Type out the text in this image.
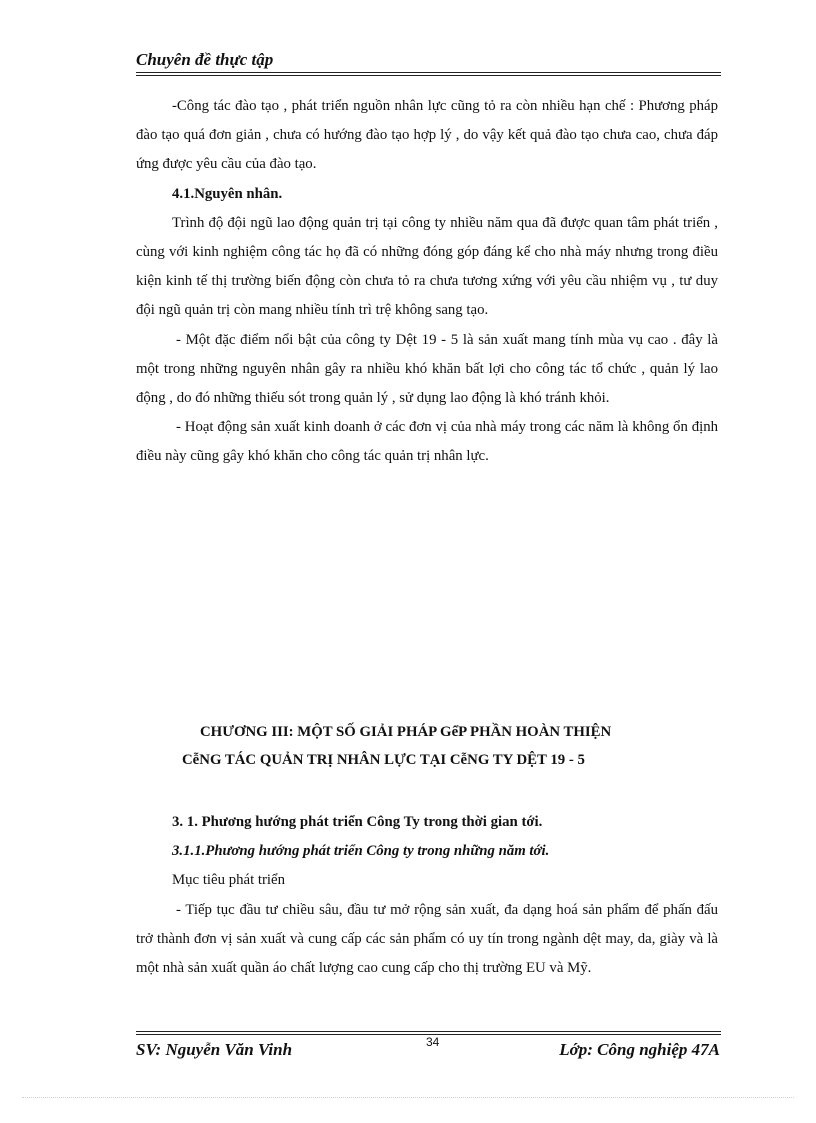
Chuyên đề thực tập

-Công tác đào tạo , phát triển nguồn nhân lực cũng tỏ ra còn nhiều hạn chế : Phương pháp đào tạo quá đơn giản , chưa có hướng đào tạo hợp lý , do vậy kết quả đào tạo chưa cao, chưa đáp ứng được yêu cầu của đào tạo.

4.1.Nguyên nhân.

Trình độ đội ngũ lao động quản trị tại công ty nhiều năm qua đã được quan tâm phát triển , cùng với kinh nghiệm công tác họ đã có những đóng góp đáng kể cho nhà máy nhưng trong điều kiện kinh tế thị trường biến động còn chưa tỏ ra chưa tương xứng với yêu cầu nhiệm vụ , tư duy đội ngũ quản trị còn mang nhiều tính trì trệ không sang tạo.

- Một đặc điểm nổi bật của công ty Dệt 19 - 5 là sản xuất mang tính mùa vụ cao . đây là một trong những nguyên nhân gây ra nhiều khó khăn bất lợi cho công tác tổ chức , quản lý lao động , do đó những thiếu sót trong quản lý , sử dụng lao động là khó tránh khỏi.

- Hoạt động sản xuất kinh doanh ở các đơn vị của nhà máy trong các năm là không ổn định điều này cũng gây khó khăn cho công tác quản trị nhân lực.

CHƯƠNG III: MỘT SỐ GIẢI PHÁP GểP PHẦN HOÀN THIỆN
CễNG TÁC QUẢN TRỊ NHÂN LỰC TẠI CễNG TY DỆT 19 - 5

3. 1. Phương hướng phát triển Công Ty trong thời gian tới.

3.1.1.Phương hướng phát triển Công ty trong những năm tới.

Mục tiêu phát triển

- Tiếp tục đầu tư chiều sâu, đầu tư mở rộng sản xuất, đa dạng hoá sản phẩm để phấn đấu trở thành đơn vị sản xuất và cung cấp các sản phẩm có uy tín trong ngành dệt may, da, giày và là một nhà sản xuất quần áo chất lượng cao cung cấp cho thị trường EU và Mỹ.

SV: Nguyễn Văn Vinh	34	Lớp: Công nghiệp 47A
